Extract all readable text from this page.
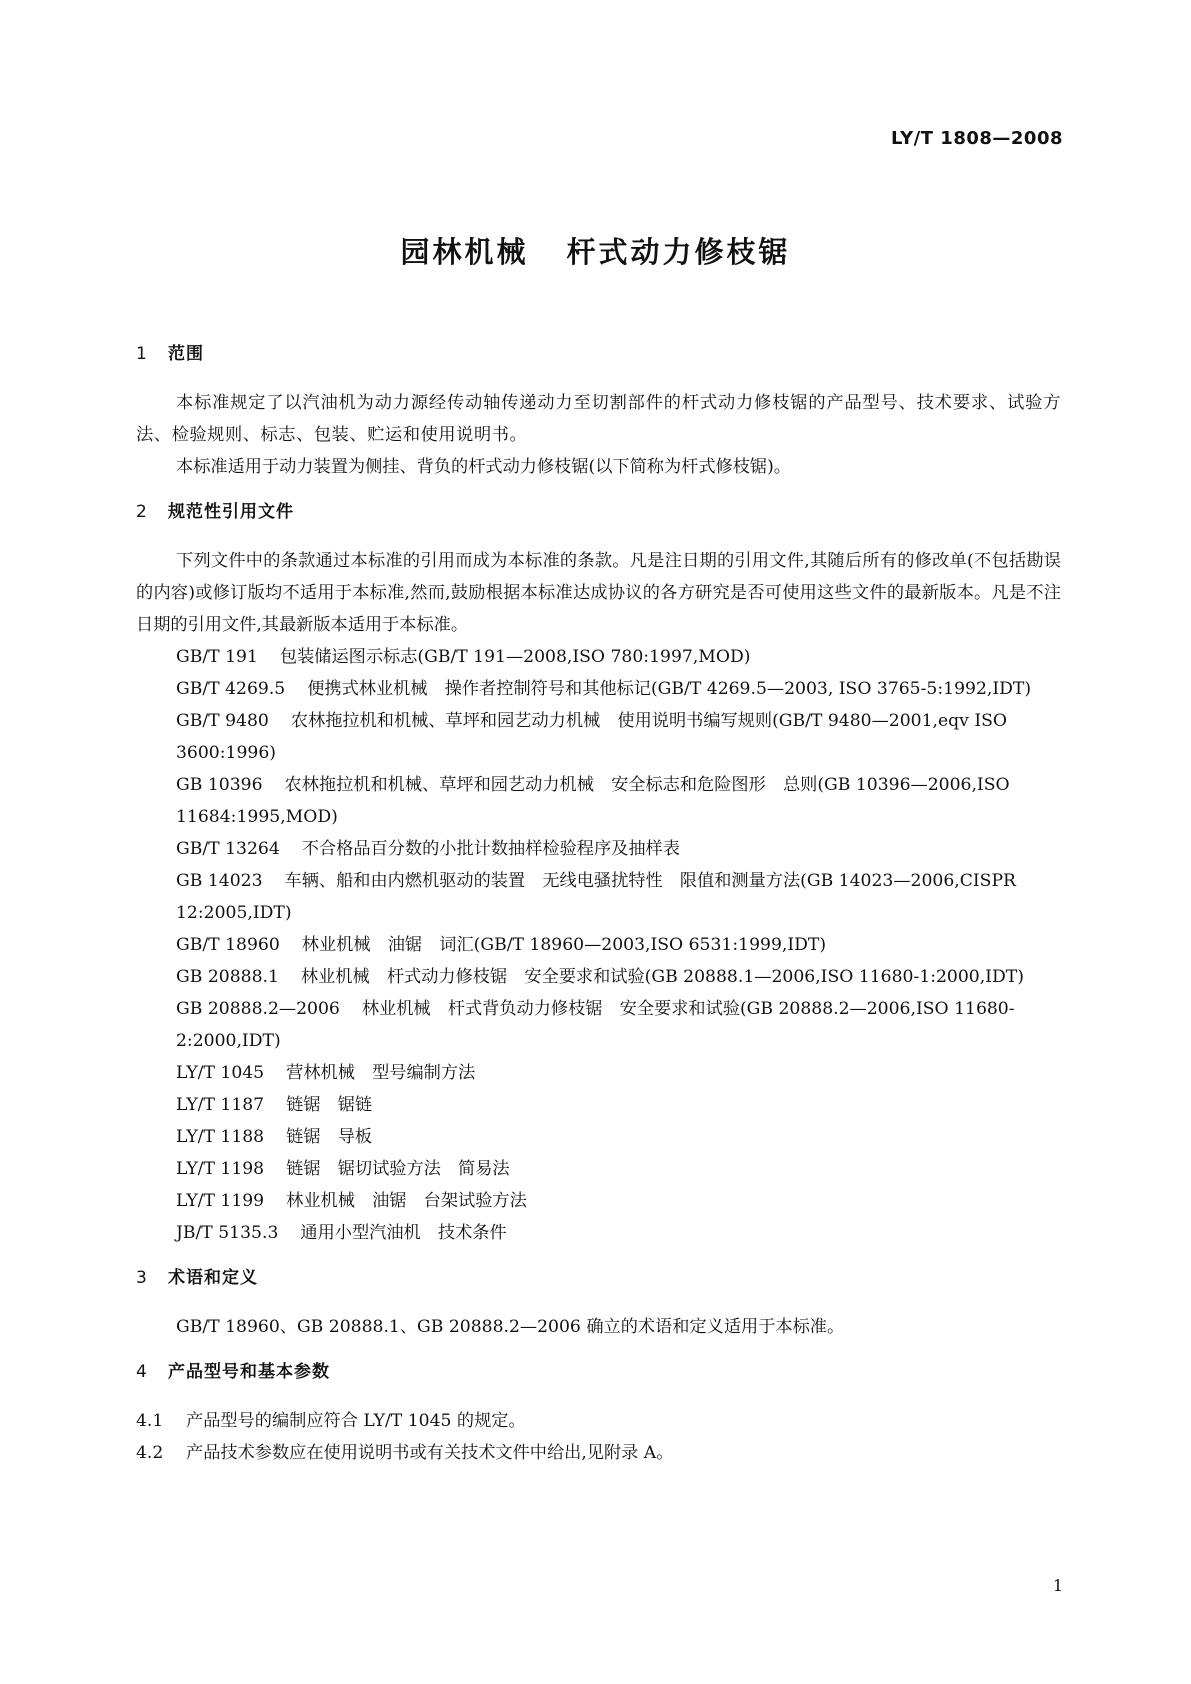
LY/T 1808—2008
园林机械 杆式动力修枝锯
1 范围
本标准规定了以汽油机为动力源经传动轴传递动力至切割部件的杆式动力修枝锯的产品型号、技术要求、试验方法、检验规则、标志、包装、贮运和使用说明书。
本标准适用于动力装置为侧挂、背负的杆式动力修枝锯(以下简称为杆式修枝锯)。
2 规范性引用文件
下列文件中的条款通过本标准的引用而成为本标准的条款。凡是注日期的引用文件,其随后所有的修改单(不包括勘误的内容)或修订版均不适用于本标准,然而,鼓励根据本标准达成协议的各方研究是否可使用这些文件的最新版本。凡是不注日期的引用文件,其最新版本适用于本标准。
GB/T 191 包装储运图示标志(GB/T 191—2008,ISO 780:1997,MOD)
GB/T 4269.5 便携式林业机械　操作者控制符号和其他标记(GB/T 4269.5—2003, ISO 3765-5:1992,IDT)
GB/T 9480 农林拖拉机和机械、草坪和园艺动力机械　使用说明书编写规则(GB/T 9480—2001,eqv ISO 3600:1996)
GB 10396 农林拖拉机和机械、草坪和园艺动力机械　安全标志和危险图形　总则(GB 10396—2006,ISO 11684:1995,MOD)
GB/T 13264 不合格品百分数的小批计数抽样检验程序及抽样表
GB 14023 车辆、船和由内燃机驱动的装置　无线电骚扰特性　限值和测量方法(GB 14023—2006,CISPR 12:2005,IDT)
GB/T 18960 林业机械　油锯　词汇(GB/T 18960—2003,ISO 6531:1999,IDT)
GB 20888.1 林业机械　杆式动力修枝锯　安全要求和试验(GB 20888.1—2006,ISO 11680-1:2000,IDT)
GB 20888.2—2006 林业机械　杆式背负动力修枝锯　安全要求和试验(GB 20888.2—2006,ISO 11680-2:2000,IDT)
LY/T 1045 营林机械　型号编制方法
LY/T 1187 链锯　锯链
LY/T 1188 链锯　导板
LY/T 1198 链锯　锯切试验方法　简易法
LY/T 1199 林业机械　油锯　台架试验方法
JB/T 5135.3 通用小型汽油机　技术条件
3 术语和定义
GB/T 18960、GB 20888.1、GB 20888.2—2006 确立的术语和定义适用于本标准。
4 产品型号和基本参数
4.1 产品型号的编制应符合 LY/T 1045 的规定。
4.2 产品技术参数应在使用说明书或有关技术文件中给出,见附录 A。
1
